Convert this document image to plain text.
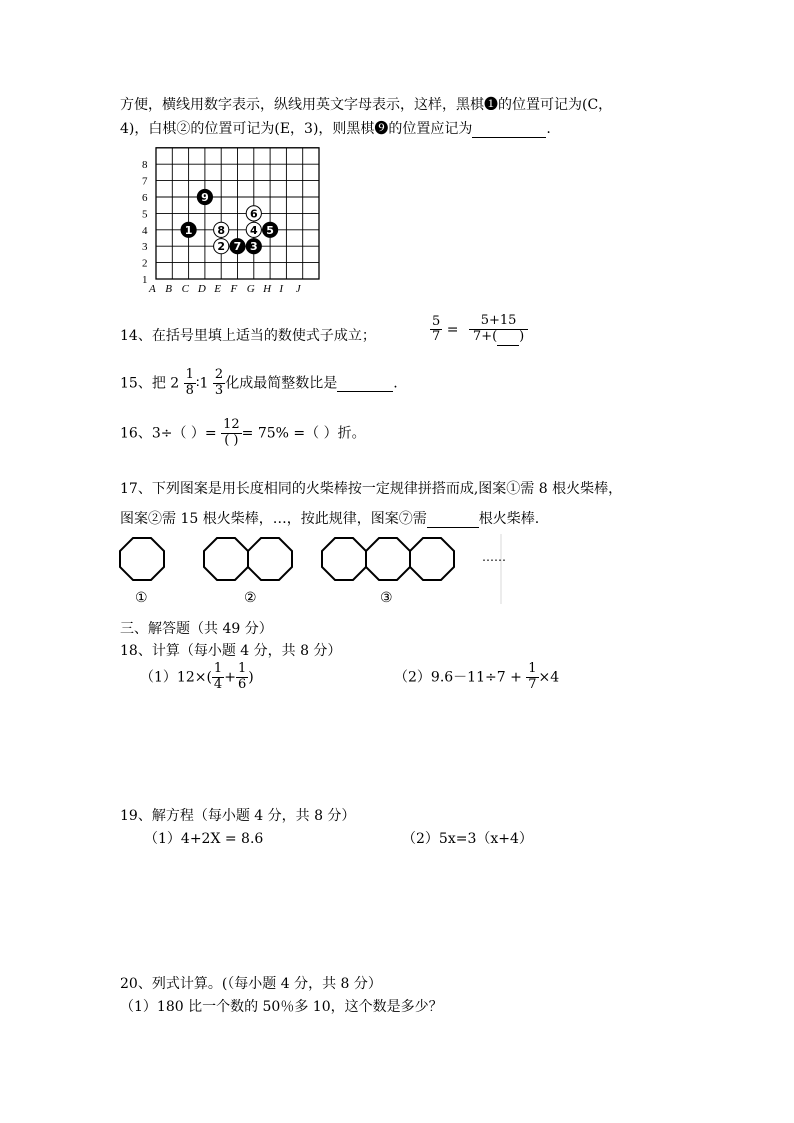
方便，横线用数字表示，纵线用英文字母表示，这样，黑棋❶的位置可记为(C，
4)，白棋②的位置可记为(E，3)，则黑棋❾的位置应记为	.
1
2
3
4
5
6
7
8
A B C D E F G H I J
1
2 3
4 5
6
7
8
9
14、在括号里填上适当的数使式子成立；	$\frac{5}{7} = \frac{5+15}{7+( )}$
15、把 $2 \frac{1}{8}$ ∶1 $\frac{2}{3}$ 化成最简整数比是	.
16、3÷（ ）= $\frac{12}{( )} = 75\%$ =（ ）折。
17、下列图案是用长度相同的火柴棒按一定规律拼搭而成,图案①需 8 根火柴棒，
图案②需 15 根火柴棒，…，按此规律，图案⑦需	根火柴棒.
①	②	③
……
三、解答题（共 49 分）
18、计算（每小题 4 分，共 8 分）
$(1)12\times( \frac{1}{4} + \frac{1}{6}$ )	$(2)9.6-11\div 7 + \frac{1}{7} \times 4$
19、解方程（每小题 4 分，共 8 分）
（1）4+2X = 8.6	（2）5x=3（x+4）
20、列式计算。(（每小题 4 分，共 8 分）
（1）180 比一个数的 50％多 10，这个数是多少？
